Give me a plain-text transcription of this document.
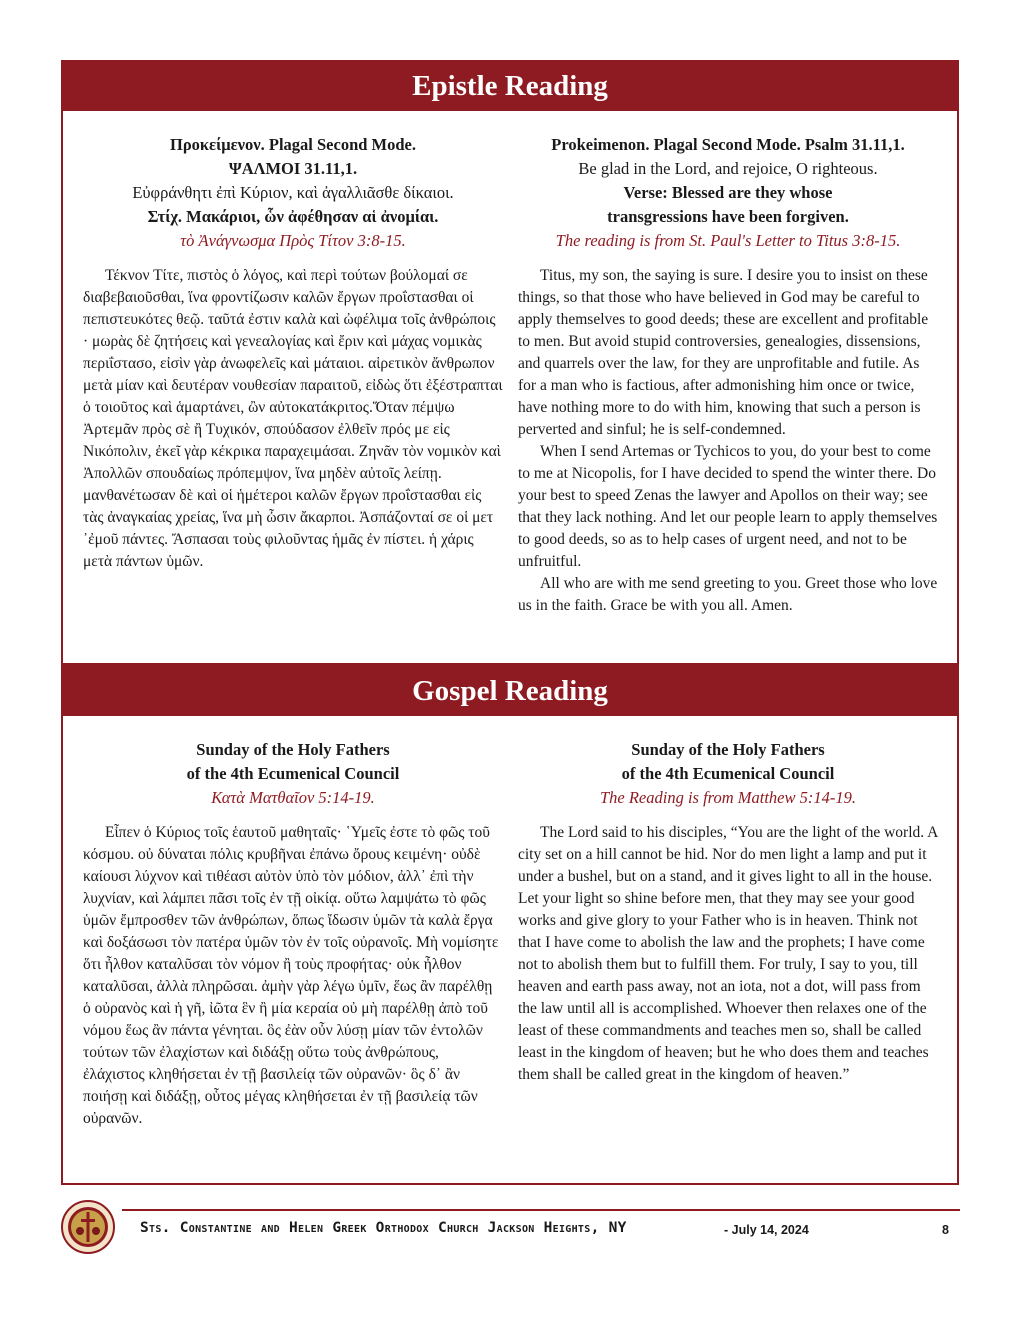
Epistle Reading
Προκείμενον. Plagal Second Mode.
ΨΑΛΜΟΙ 31.11,1.
Εὐφράνθητι ἐπὶ Κύριον, καὶ ἀγαλλιᾶσθε δίκαιοι.
Στίχ. Μακάριοι, ὧν ἀφέθησαν αἱ ἀνομίαι.
τὸ Ἀνάγνωσμα Πρὸς Τίτον 3:8-15.

Τέκνον Τίτε, πιστὸς ὁ λόγος, καὶ περὶ τούτων βούλομαί σε διαβεβαιοῦσθαι, ἵνα φροντίζωσιν καλῶν ἔργων προΐστασθαι οἱ πεπιστευκότες θεῷ. ταῦτά ἐστιν καλὰ καὶ ὠφέλιμα τοῖς ἀνθρώποις · μωρὰς δὲ ζητήσεις καὶ γενεαλογίας καὶ ἔριν καὶ μάχας νομικὰς περιΐστασο, εἰσὶν γὰρ ἀνωφελεῖς καὶ μάταιοι. αἱρετικὸν ἄνθρωπον μετὰ μίαν καὶ δευτέραν νουθεσίαν παραιτοῦ, εἰδὼς ὅτι ἐξέστραπται ὁ τοιοῦτος καὶ ἁμαρτάνει, ὢν αὐτοκατάκριτος.Ὅταν πέμψω Ἀρτεμᾶν πρὸς σὲ ἢ Τυχικόν, σπούδασον ἐλθεῖν πρός με εἰς Νικόπολιν, ἐκεῖ γὰρ κέκρικα παραχειμάσαι. Ζηνᾶν τὸν νομικὸν καὶ Ἀπολλῶν σπουδαίως πρόπεμψον, ἵνα μηδὲν αὐτοῖς λείπῃ. μανθανέτωσαν δὲ καὶ οἱ ἡμέτεροι καλῶν ἔργων προΐστασθαι εἰς τὰς ἀναγκαίας χρείας, ἵνα μὴ ὦσιν ἄκαρποι. Ἀσπάζονταί σε οἱ μετ ᾿ἐμοῦ πάντες. Ἄσπασαι τοὺς φιλοῦντας ἡμᾶς ἐν πίστει. ἡ χάρις μετὰ πάντων ὑμῶν.

Prokeimenon. Plagal Second Mode. Psalm 31.11,1.
Be glad in the Lord, and rejoice, O righteous.
Verse: Blessed are they whose
transgressions have been forgiven.
The reading is from St. Paul's Letter to Titus 3:8-15.

Titus, my son, the saying is sure. I desire you to insist on these things, so that those who have believed in God may be careful to apply themselves to good deeds; these are excellent and profitable to men. But avoid stupid controversies, genealogies, dissensions, and quarrels over the law, for they are unprofitable and futile. As for a man who is factious, after admonishing him once or twice, have nothing more to do with him, knowing that such a person is perverted and sinful; he is self-condemned.

When I send Artemas or Tychicos to you, do your best to come to me at Nicopolis, for I have decided to spend the winter there. Do your best to speed Zenas the lawyer and Apollos on their way; see that they lack nothing. And let our people learn to apply themselves to good deeds, so as to help cases of urgent need, and not to be unfruitful.

All who are with me send greeting to you. Greet those who love us in the faith. Grace be with you all. Amen.

Gospel Reading
Sunday of the Holy Fathers
of the 4th Ecumenical Council
Κατὰ Ματθαῖον 5:14-19.

Εἶπεν ὁ Κύριος τοῖς ἑαυτοῦ μαθηταῖς· ῾Υμεῖς ἐστε τὸ φῶς τοῦ κόσμου. οὐ δύναται πόλις κρυβῆναι ἐπάνω ὄρους κειμένη· οὐδὲ καίουσι λύχνον καὶ τιθέασι αὐτὸν ὑπὸ τὸν μόδιον, ἀλλ᾿ ἐπὶ τὴν λυχνίαν, καὶ λάμπει πᾶσι τοῖς ἐν τῇ οἰκίᾳ. οὕτω λαμψάτω τὸ φῶς ὑμῶν ἔμπροσθεν τῶν ἀνθρώπων, ὅπως ἴδωσιν ὑμῶν τὰ καλὰ ἔργα καὶ δοξάσωσι τὸν πατέρα ὑμῶν τὸν ἐν τοῖς οὐρανοῖς. Μὴ νομίσητε ὅτι ἦλθον καταλῦσαι τὸν νόμον ἢ τοὺς προφήτας· οὐκ ἦλθον καταλῦσαι, ἀλλὰ πληρῶσαι. ἀμὴν γὰρ λέγω ὑμῖν, ἕως ἂν παρέλθῃ ὁ οὐρανὸς καὶ ἡ γῆ, ἰῶτα ἓν ἢ μία κεραία οὐ μὴ παρέλθῃ ἀπὸ τοῦ νόμου ἕως ἂν πάντα γένηται. ὃς ἐὰν οὖν λύσῃ μίαν τῶν ἐντολῶν τούτων τῶν ἐλαχίστων καὶ διδάξῃ οὕτω τοὺς ἀνθρώπους, ἐλάχιστος κληθήσεται ἐν τῇ βασιλείᾳ τῶν οὐρανῶν· ὃς δ᾿ ἂν ποιήσῃ καὶ διδάξῃ, οὗτος μέγας κληθήσεται ἐν τῇ βασιλείᾳ τῶν οὐρανῶν.

Sunday of the Holy Fathers
of the 4th Ecumenical Council
The Reading is from Matthew 5:14-19.

The Lord said to his disciples, “You are the light of the world. A city set on a hill cannot be hid. Nor do men light a lamp and put it under a bushel, but on a stand, and it gives light to all in the house. Let your light so shine before men, that they may see your good works and give glory to your Father who is in heaven. Think not that I have come to abolish the law and the prophets; I have come not to abolish them but to fulfill them. For truly, I say to you, till heaven and earth pass away, not an iota, not a dot, will pass from the law until all is accomplished. Whoever then relaxes one of the least of these commandments and teaches men so, shall be called least in the kingdom of heaven; but he who does them and teaches them shall be called great in the kingdom of heaven.”

Sts. Constantine and Helen Greek Orthodox Church Jackson Heights, NY	- July 14, 2024	8
